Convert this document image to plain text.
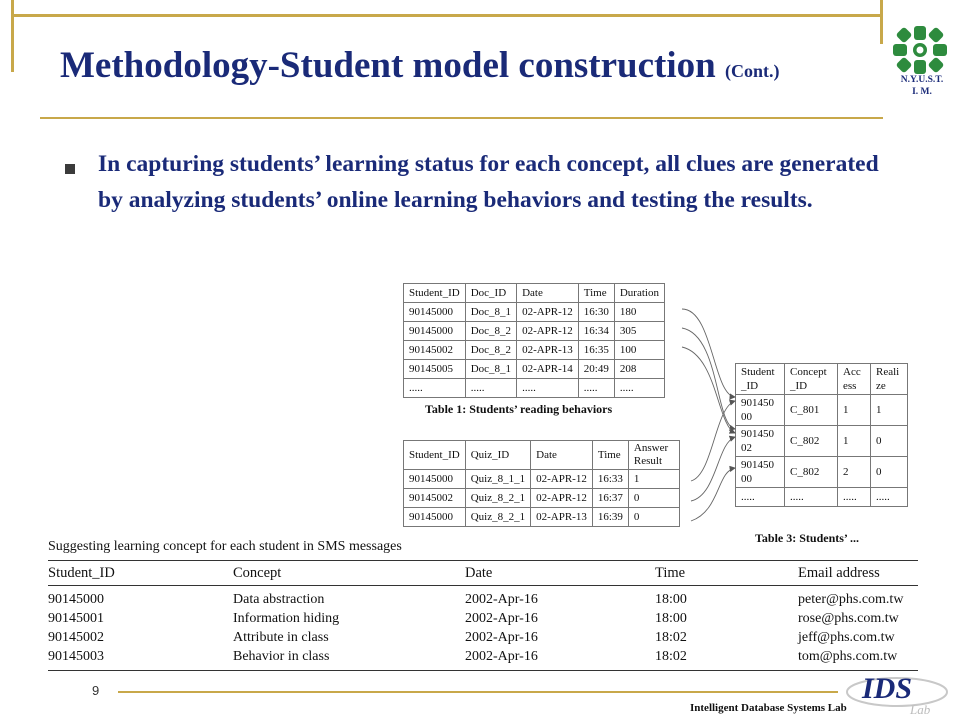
Methodology-Student model construction (Cont.)	N.Y.U.S.T.
I. M.
In capturing students’ learning status for each concept, all clues are generated by analyzing students’ online learning behaviors and testing the results.
Student_ID	Doc_ID	Date	Time	Duration
90145000	Doc_8_1	02-APR-12	16:30	180
90145000	Doc_8_2	02-APR-12	16:34	305
90145002	Doc_8_2	02-APR-13	16:35	100
90145005	Doc_8_1	02-APR-14	20:49	208
.....	.....	.....	.....	.....
Table 1: Students’ reading behaviors
Student_ID	Quiz_ID	Date	Time	Answer Result
90145000	Quiz_8_1_1	02-APR-12	16:33	1
90145002	Quiz_8_2_1	02-APR-12	16:37	0
90145000	Quiz_8_2_1	02-APR-13	16:39	0
Student _ID	Concept _ID	Acc ess	Reali ze
901450 00	C_801	1	1
901450 02	C_802	1	0
901450 00	C_802	2	0
.....	.....	.....	.....
Table 3: Students’ ...
Suggesting learning concept for each student in SMS messages
Student_ID	Concept	Date	Time	Email address
90145000	Data abstraction	2002-Apr-16	18:00	peter@phs.com.tw
90145001	Information hiding	2002-Apr-16	18:00	rose@phs.com.tw
90145002	Attribute in class	2002-Apr-16	18:02	jeff@phs.com.tw
90145003	Behavior in class	2002-Apr-16	18:02	tom@phs.com.tw
9
Intelligent Database Systems Lab
IDS
Lab
